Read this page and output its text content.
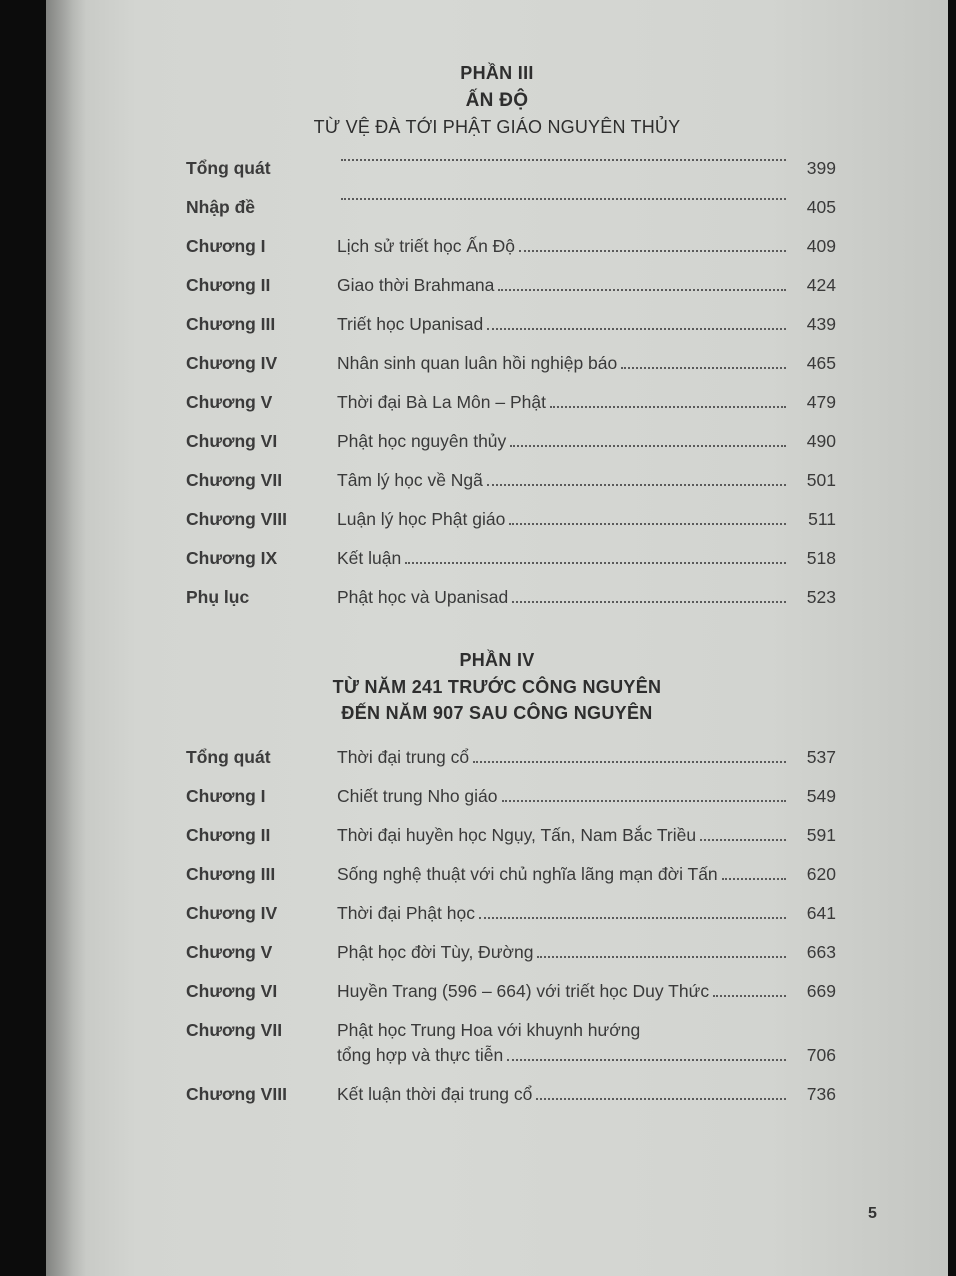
PHẦN III
ẤN ĐỘ
TỪ VỆ ĐÀ TỚI PHẬT GIÁO NGUYÊN THỦY
Tổng quát	399
Nhập đề	405
Chương I	Lịch sử triết học Ấn Độ	409
Chương II	Giao thời Brahmana	424
Chương III	Triết học Upanisad	439
Chương IV	Nhân sinh quan luân hồi nghiệp báo	465
Chương V	Thời đại Bà La Môn – Phật	479
Chương VI	Phật học nguyên thủy	490
Chương VII	Tâm lý học về Ngã	501
Chương VIII	Luận lý học Phật giáo	511
Chương IX	Kết luận	518
Phụ lục	Phật học và Upanisad	523
PHẦN IV
TỪ NĂM 241 TRƯỚC CÔNG NGUYÊN
ĐẾN NĂM 907 SAU CÔNG NGUYÊN
Tổng quát	Thời đại trung cổ	537
Chương I	Chiết trung Nho giáo	549
Chương II	Thời đại huyền học Ngụy, Tấn, Nam Bắc Triều	591
Chương III	Sống nghệ thuật với chủ nghĩa lãng mạn đời Tấn	620
Chương IV	Thời đại Phật học	641
Chương V	Phật học đời Tùy, Đường	663
Chương VI	Huyền Trang (596 – 664) với triết học Duy Thức	669
Chương VII	Phật học Trung Hoa với khuynh hướng
tổng hợp và thực tiễn	706
Chương VIII	Kết luận thời đại trung cổ	736
5
